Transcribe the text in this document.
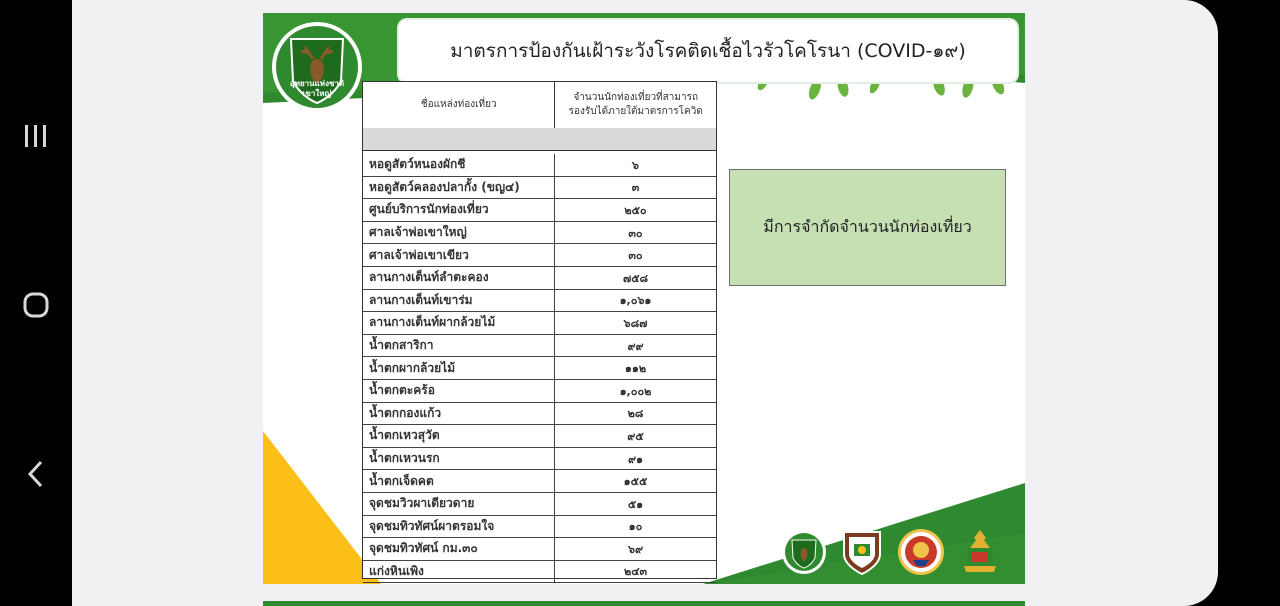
อุทยานแห่งชาติ
เขาใหญ่
มาตรการป้องกันเฝ้าระวังโรคติดเชื้อไวรัวโคโรนา (COVID-๑๙)
ชื่อแหล่งท่องเที่ยว
จำนวนนักท่องเที่ยวที่สามารถ
รองรับได้ภายใต้มาตรการโควิด
หอดูสัตว์หนองผักชี	๖
หอดูสัตว์คลองปลากั้ง (ขญ๔)	๓
ศูนย์บริการนักท่องเที่ยว	๒๕๐
ศาลเจ้าพ่อเขาใหญ่	๓๐
ศาลเจ้าพ่อเขาเขียว	๓๐
ลานกางเต็นท์ลำตะคอง	๗๕๘
ลานกางเต็นท์เขาร่ม	๑,๐๖๑
ลานกางเต็นท์ผากล้วยไม้	๖๘๗
น้ำตกสาริกา	๙๙
น้ำตกผากล้วยไม้	๑๑๒
น้ำตกตะคร้อ	๑,๐๐๒
น้ำตกกองแก้ว	๒๘
น้ำตกเหวสุวัต	๙๕
น้ำตกเหวนรก	๙๑
น้ำตกเจ็ดคต	๑๕๕
จุดชมวิวผาเดียวดาย	๕๑
จุดชมทิวทัศน์ผาตรอมใจ	๑๐
จุดชมทิวทัศน์ กม.๓๐	๖๙
แก่งหินเพิง	๒๔๓
มีการจำกัดจำนวนนักท่องเที่ยว
